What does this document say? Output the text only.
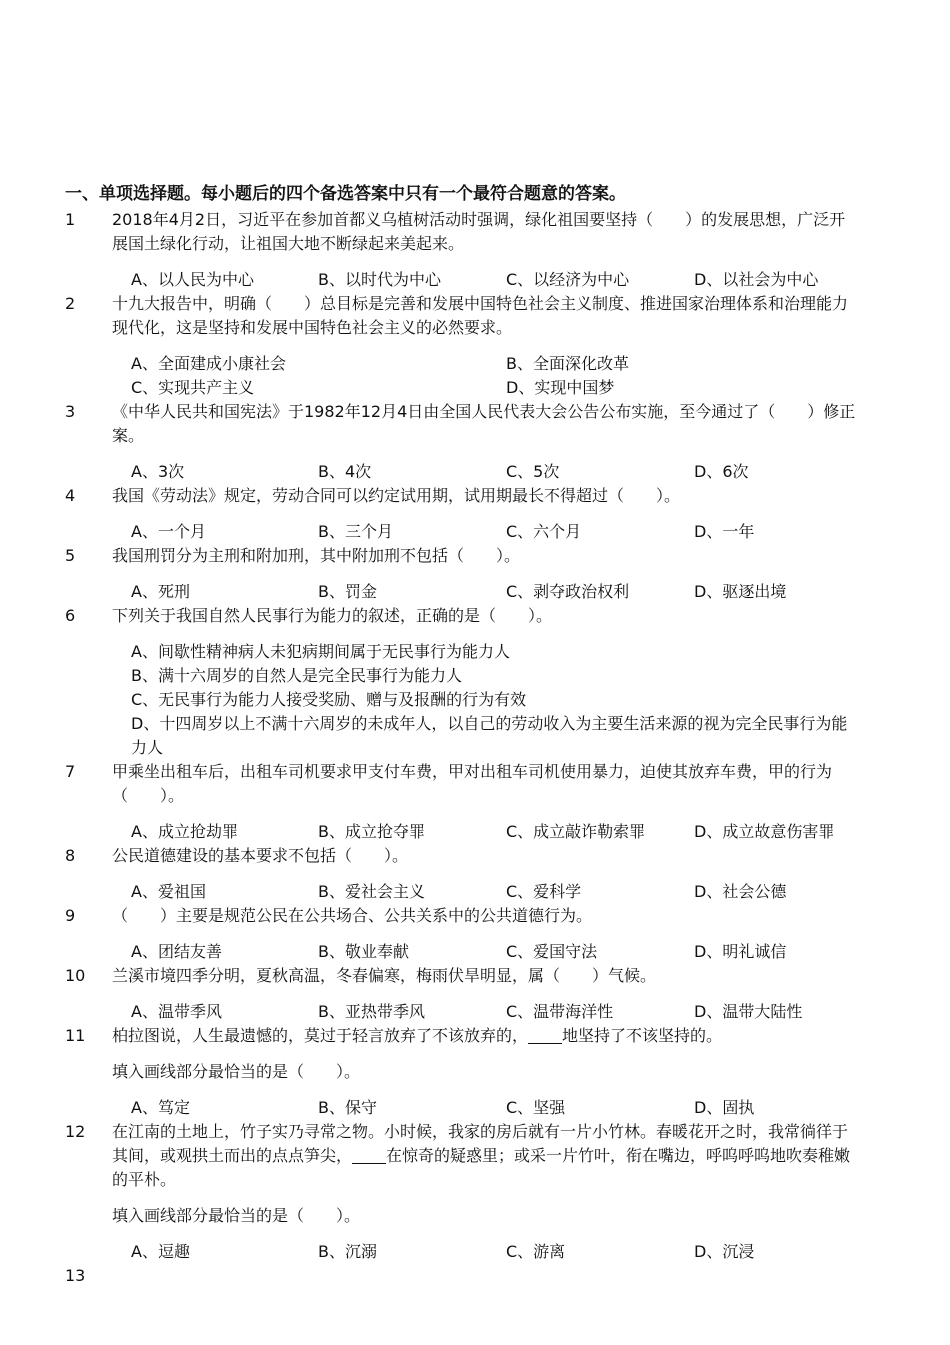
一、单项选择题。每小题后的四个备选答案中只有一个最符合题意的答案。
1	2018年4月2日，习近平在参加首都义乌植树活动时强调，绿化祖国要坚持（　　）的发展思想，广泛开展国土绿化行动，让祖国大地不断绿起来美起来。
A、以人民为中心	B、以时代为中心	C、以经济为中心	D、以社会为中心
2	十九大报告中，明确（　　）总目标是完善和发展中国特色社会主义制度、推进国家治理体系和治理能力现代化，这是坚持和发展中国特色社会主义的必然要求。
A、全面建成小康社会	B、全面深化改革
C、实现共产主义	D、实现中国梦
3	《中华人民共和国宪法》于1982年12月4日由全国人民代表大会公告公布实施，至今通过了（　　）修正案。
A、3次	B、4次	C、5次	D、6次
4	我国《劳动法》规定，劳动合同可以约定试用期，试用期最长不得超过（　　）。
A、一个月	B、三个月	C、六个月	D、一年
5	我国刑罚分为主刑和附加刑，其中附加刑不包括（　　）。
A、死刑	B、罚金	C、剥夺政治权利	D、驱逐出境
6	下列关于我国自然人民事行为能力的叙述，正确的是（　　）。
A、间歇性精神病人未犯病期间属于无民事行为能力人
B、满十六周岁的自然人是完全民事行为能力人
C、无民事行为能力人接受奖励、赠与及报酬的行为有效
D、十四周岁以上不满十六周岁的未成年人，以自己的劳动收入为主要生活来源的视为完全民事行为能力人
7	甲乘坐出租车后，出租车司机要求甲支付车费，甲对出租车司机使用暴力，迫使其放弃车费，甲的行为（　　）。
A、成立抢劫罪	B、成立抢夺罪	C、成立敲诈勒索罪	D、成立故意伤害罪
8	公民道德建设的基本要求不包括（　　）。
A、爱祖国	B、爱社会主义	C、爱科学	D、社会公德
9	（　　）主要是规范公民在公共场合、公共关系中的公共道德行为。
A、团结友善	B、敬业奉献	C、爱国守法	D、明礼诚信
10	兰溪市境四季分明，夏秋高温，冬春偏寒，梅雨伏旱明显，属（　　）气候。
A、温带季风	B、亚热带季风	C、温带海洋性	D、温带大陆性
11	柏拉图说，人生最遗憾的，莫过于轻言放弃了不该放弃的， 地坚持了不该坚持的。
填入画线部分最恰当的是（　　）。
A、笃定	B、保守	C、坚强	D、固执
12	在江南的土地上，竹子实乃寻常之物。小时候，我家的房后就有一片小竹林。春暖花开之时，我常徜徉于其间，或观拱土而出的点点笋尖， 在惊奇的疑惑里；或采一片竹叶，衔在嘴边，呼呜呼呜地吹奏稚嫩的平朴。
填入画线部分最恰当的是（　　）。
A、逗趣	B、沉溺	C、游离	D、沉浸
13
